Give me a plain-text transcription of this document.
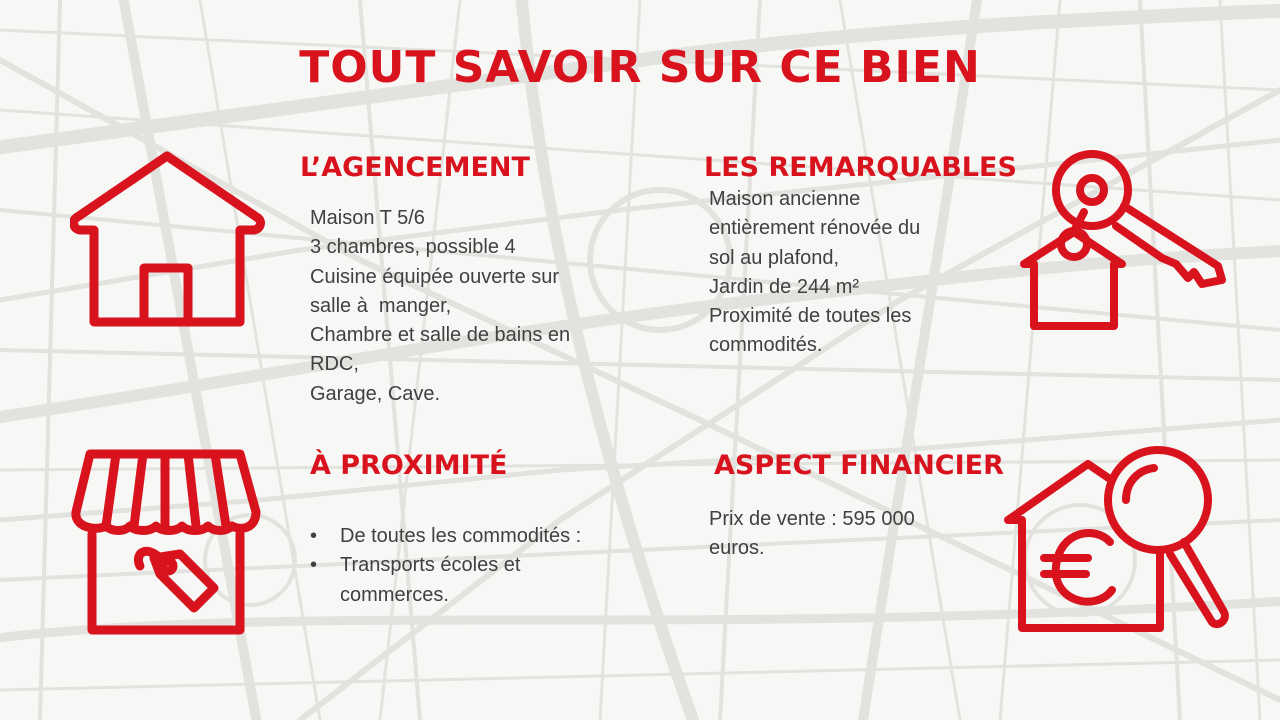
TOUT SAVOIR SUR CE BIEN
L’AGENCEMENT
Maison T 5/6
3 chambres, possible 4
Cuisine équipée ouverte sur
salle à  manger,
Chambre et salle de bains en
RDC,
Garage, Cave.
LES REMARQUABLES
Maison ancienne
entièrement rénovée du
sol au plafond,
Jardin de 244 m²
Proximité de toutes les
commodités.
À PROXIMITÉ
• De toutes les commodités :
• Transports écoles et
commerces.
ASPECT FINANCIER
Prix de vente : 595 000
euros.
